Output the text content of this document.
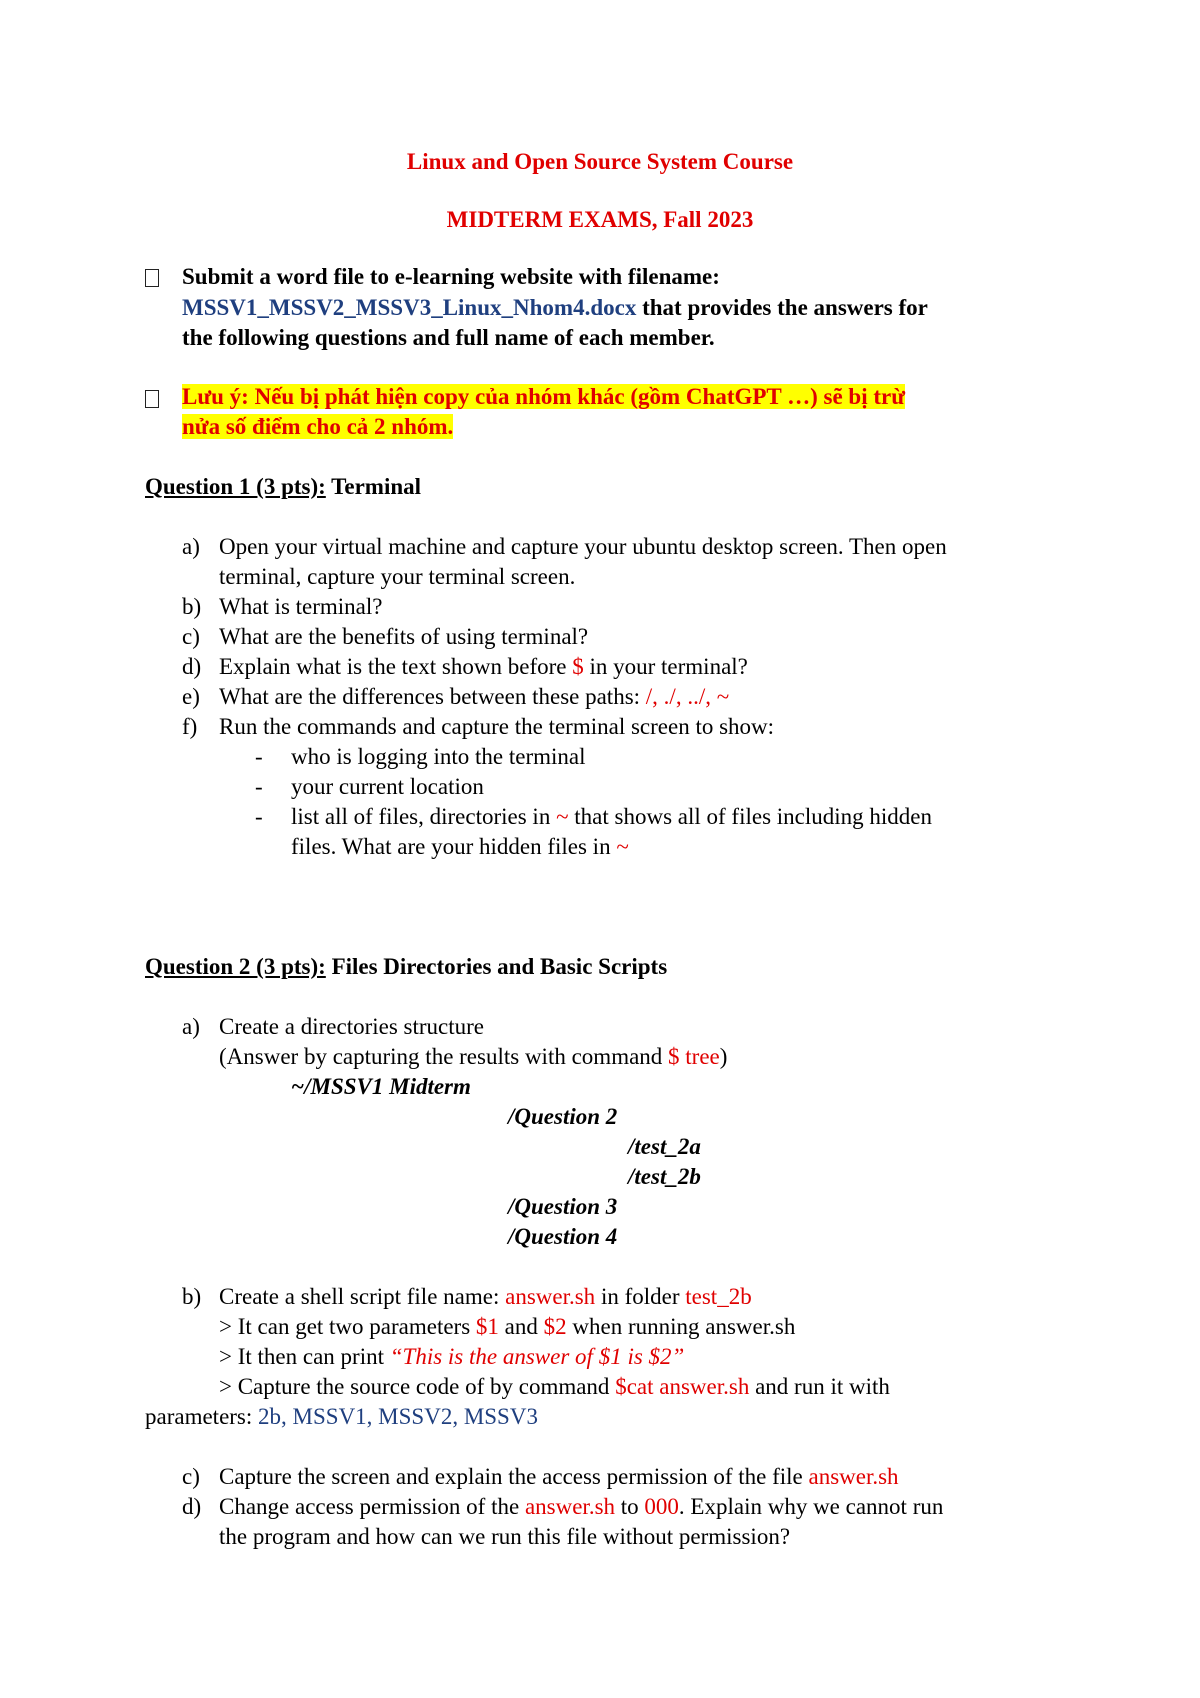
Linux and Open Source System Course
MIDTERM EXAMS, Fall 2023
Submit a word file to e-learning website with filename:
MSSV1_MSSV2_MSSV3_Linux_Nhom4.docx that provides the answers for
the following questions and full name of each member.
Lưu ý: Nếu bị phát hiện copy của nhóm khác (gồm ChatGPT …) sẽ bị trừ
nửa số điểm cho cả 2 nhóm.
Question 1 (3 pts): Terminal
a) Open your virtual machine and capture your ubuntu desktop screen. Then open
terminal, capture your terminal screen.
b) What is terminal?
c) What are the benefits of using terminal?
d) Explain what is the text shown before $ in your terminal?
e) What are the differences between these paths: /, ./, ../, ~
f) Run the commands and capture the terminal screen to show:
- who is logging into the terminal
- your current location
- list all of files, directories in ~ that shows all of files including hidden
files. What are your hidden files in ~
Question 2 (3 pts): Files Directories and Basic Scripts
a) Create a directories structure
(Answer by capturing the results with command $ tree)
~/MSSV1 Midterm
/Question 2
/test_2a
/test_2b
/Question 3
/Question 4
b) Create a shell script file name: answer.sh in folder test_2b
> It can get two parameters $1 and $2 when running answer.sh
> It then can print “This is the answer of $1 is $2”
> Capture the source code of by command $cat answer.sh and run it with
parameters: 2b, MSSV1, MSSV2, MSSV3
c) Capture the screen and explain the access permission of the file answer.sh
d) Change access permission of the answer.sh to 000. Explain why we cannot run
the program and how can we run this file without permission?
